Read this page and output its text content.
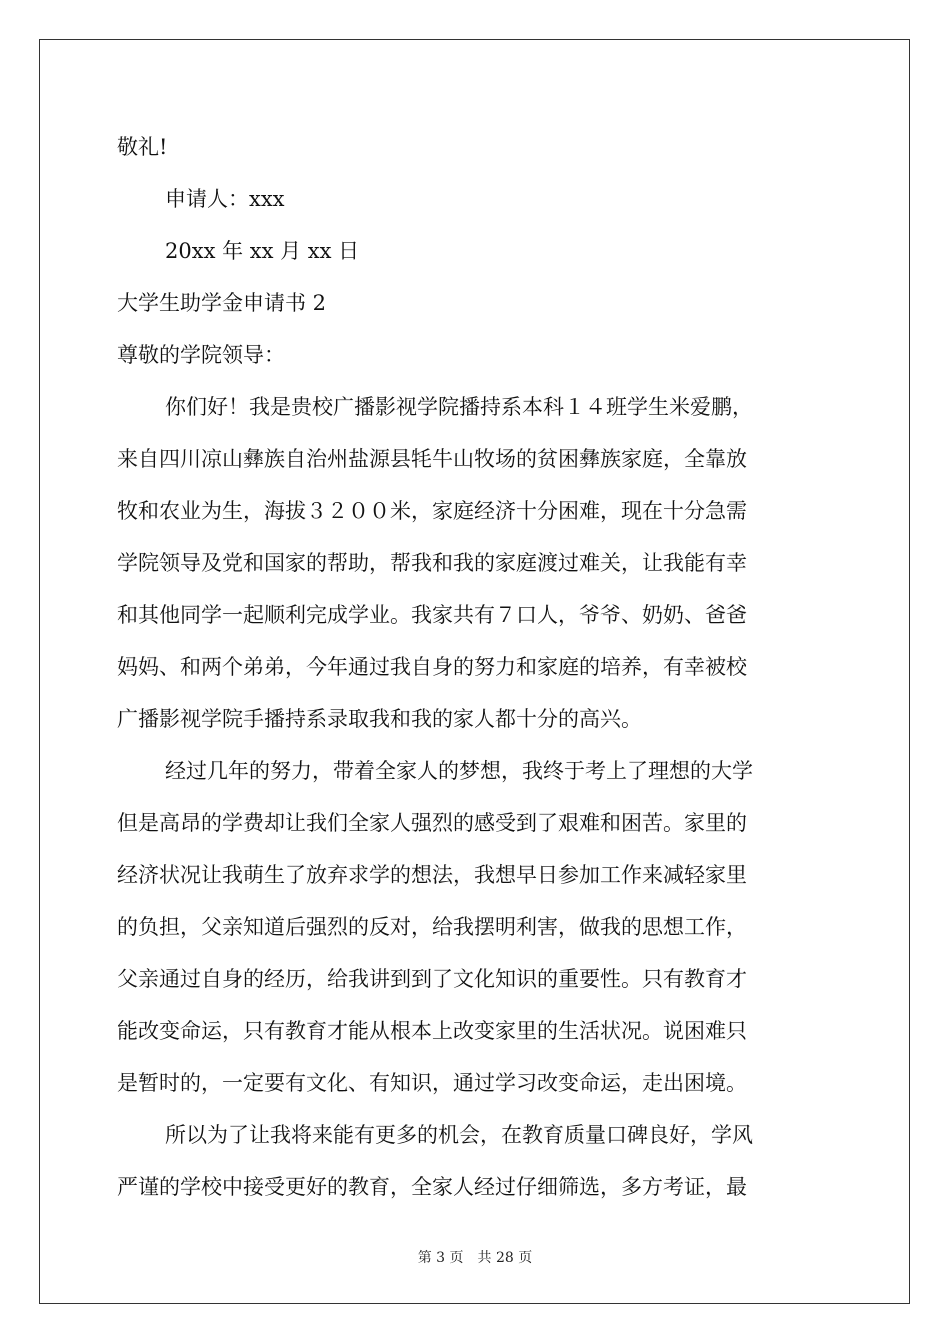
敬礼!
申请人：xxx
20xx 年 xx 月 xx 日
大学生助学金申请书 2
尊敬的学院领导：
你们好！我是贵校广播影视学院播持系本科１４班学生米爱鹏，
来自四川凉山彝族自治州盐源县牦牛山牧场的贫困彝族家庭，全靠放
牧和农业为生，海拔３２００米，家庭经济十分困难，现在十分急需
学院领导及党和国家的帮助，帮我和我的家庭渡过难关，让我能有幸
和其他同学一起顺利完成学业。我家共有７口人，爷爷、奶奶、爸爸
妈妈、和两个弟弟，今年通过我自身的努力和家庭的培养，有幸被校
广播影视学院手播持系录取我和我的家人都十分的高兴。
经过几年的努力，带着全家人的梦想，我终于考上了理想的大学
但是高昂的学费却让我们全家人强烈的感受到了艰难和困苦。家里的
经济状况让我萌生了放弃求学的想法，我想早日参加工作来减轻家里
的负担，父亲知道后强烈的反对，给我摆明利害，做我的思想工作，
父亲通过自身的经历，给我讲到到了文化知识的重要性。只有教育才
能改变命运，只有教育才能从根本上改变家里的生活状况。说困难只
是暂时的，一定要有文化、有知识，通过学习改变命运，走出困境。
所以为了让我将来能有更多的机会，在教育质量口碑良好，学风
严谨的学校中接受更好的教育，全家人经过仔细筛选，多方考证，最
第 3 页　共 28 页
